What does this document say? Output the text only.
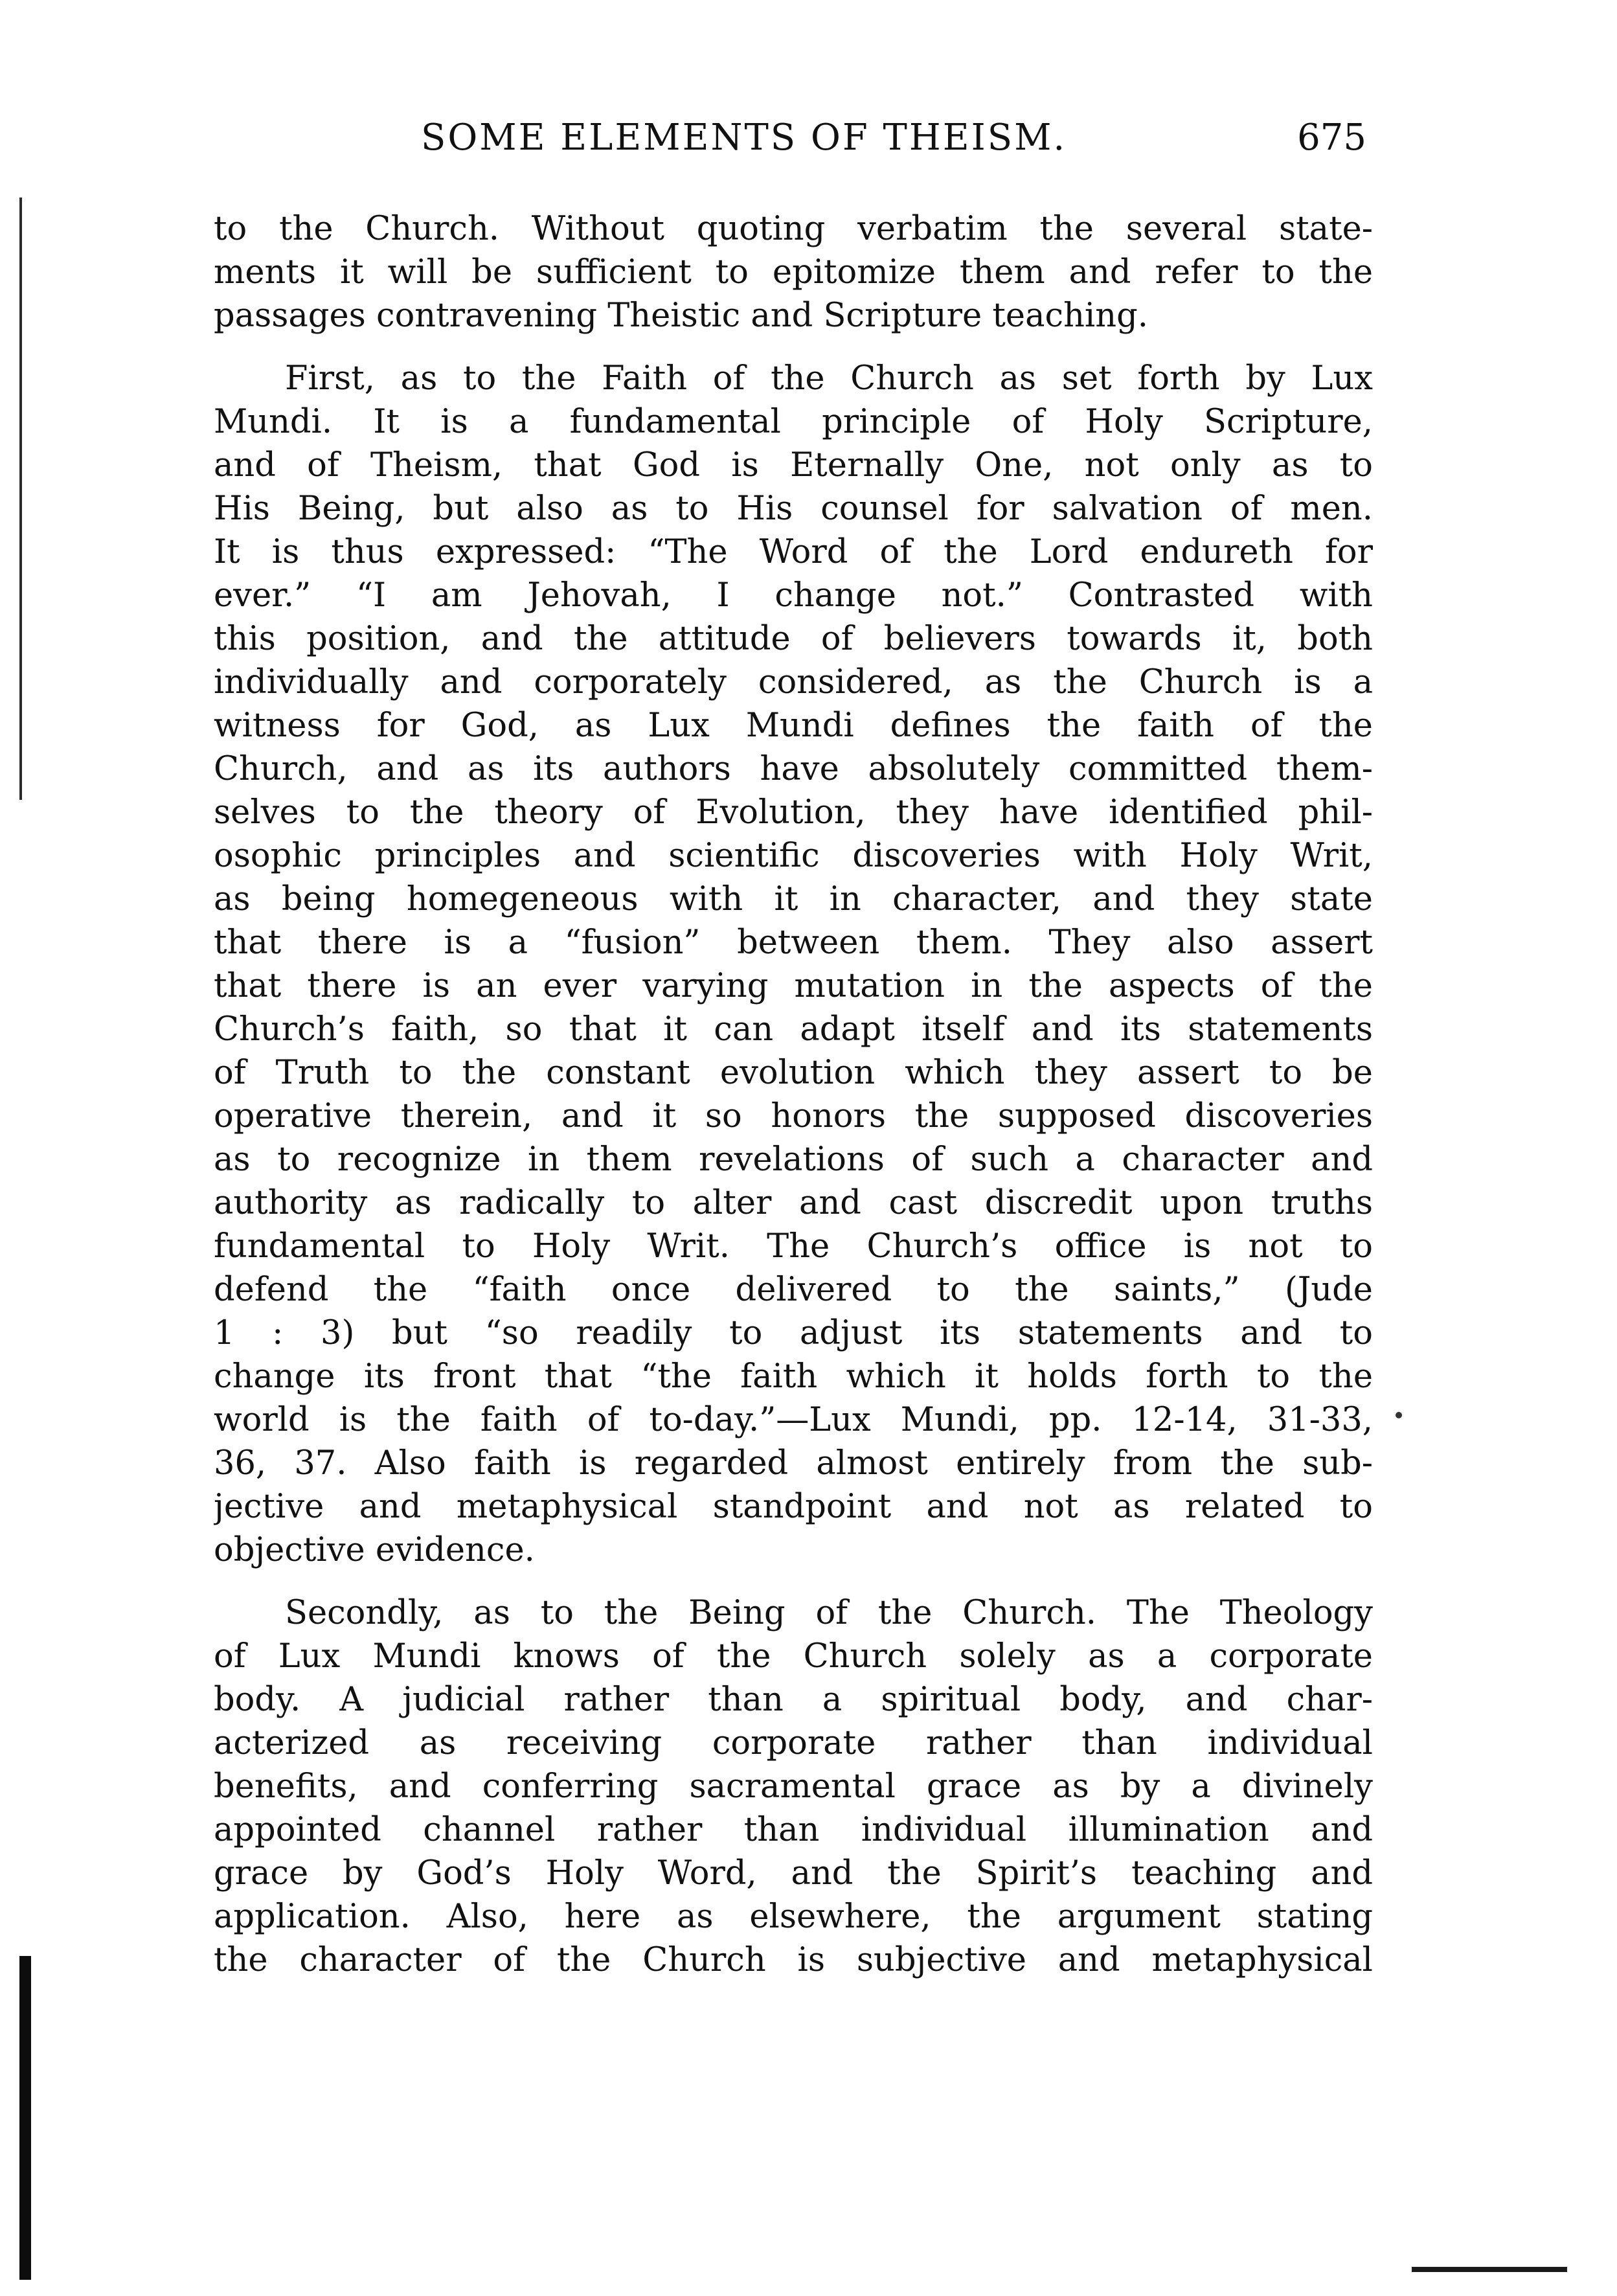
SOME ELEMENTS OF THEISM.	675

to the Church. Without quoting verbatim the several state-
ments it will be sufficient to epitomize them and refer to the
passages contravening Theistic and Scripture teaching.

First, as to the Faith of the Church as set forth by Lux
Mundi. It is a fundamental principle of Holy Scripture,
and of Theism, that God is Eternally One, not only as to
His Being, but also as to His counsel for salvation of men.
It is thus expressed: “The Word of the Lord endureth for
ever.” “I am Jehovah, I change not.” Contrasted with
this position, and the attitude of believers towards it, both
individually and corporately considered, as the Church is a
witness for God, as Lux Mundi defines the faith of the
Church, and as its authors have absolutely committed them-
selves to the theory of Evolution, they have identified phil-
osophic principles and scientific discoveries with Holy Writ,
as being homegeneous with it in character, and they state
that there is a “fusion” between them. They also assert
that there is an ever varying mutation in the aspects of the
Church’s faith, so that it can adapt itself and its statements
of Truth to the constant evolution which they assert to be
operative therein, and it so honors the supposed discoveries
as to recognize in them revelations of such a character and
authority as radically to alter and cast discredit upon truths
fundamental to Holy Writ. The Church’s office is not to
defend the “faith once delivered to the saints,” (Jude
1 : 3) but “so readily to adjust its statements and to
change its front that “the faith which it holds forth to the
world is the faith of to-day.”—Lux Mundi, pp. 12-14, 31-33,
36, 37. Also faith is regarded almost entirely from the sub-
jective and metaphysical standpoint and not as related to
objective evidence.

Secondly, as to the Being of the Church. The Theology
of Lux Mundi knows of the Church solely as a corporate
body. A judicial rather than a spiritual body, and char-
acterized as receiving corporate rather than individual
benefits, and conferring sacramental grace as by a divinely
appointed channel rather than individual illumination and
grace by God’s Holy Word, and the Spirit’s teaching and
application. Also, here as elsewhere, the argument stating
the character of the Church is subjective and metaphysical
